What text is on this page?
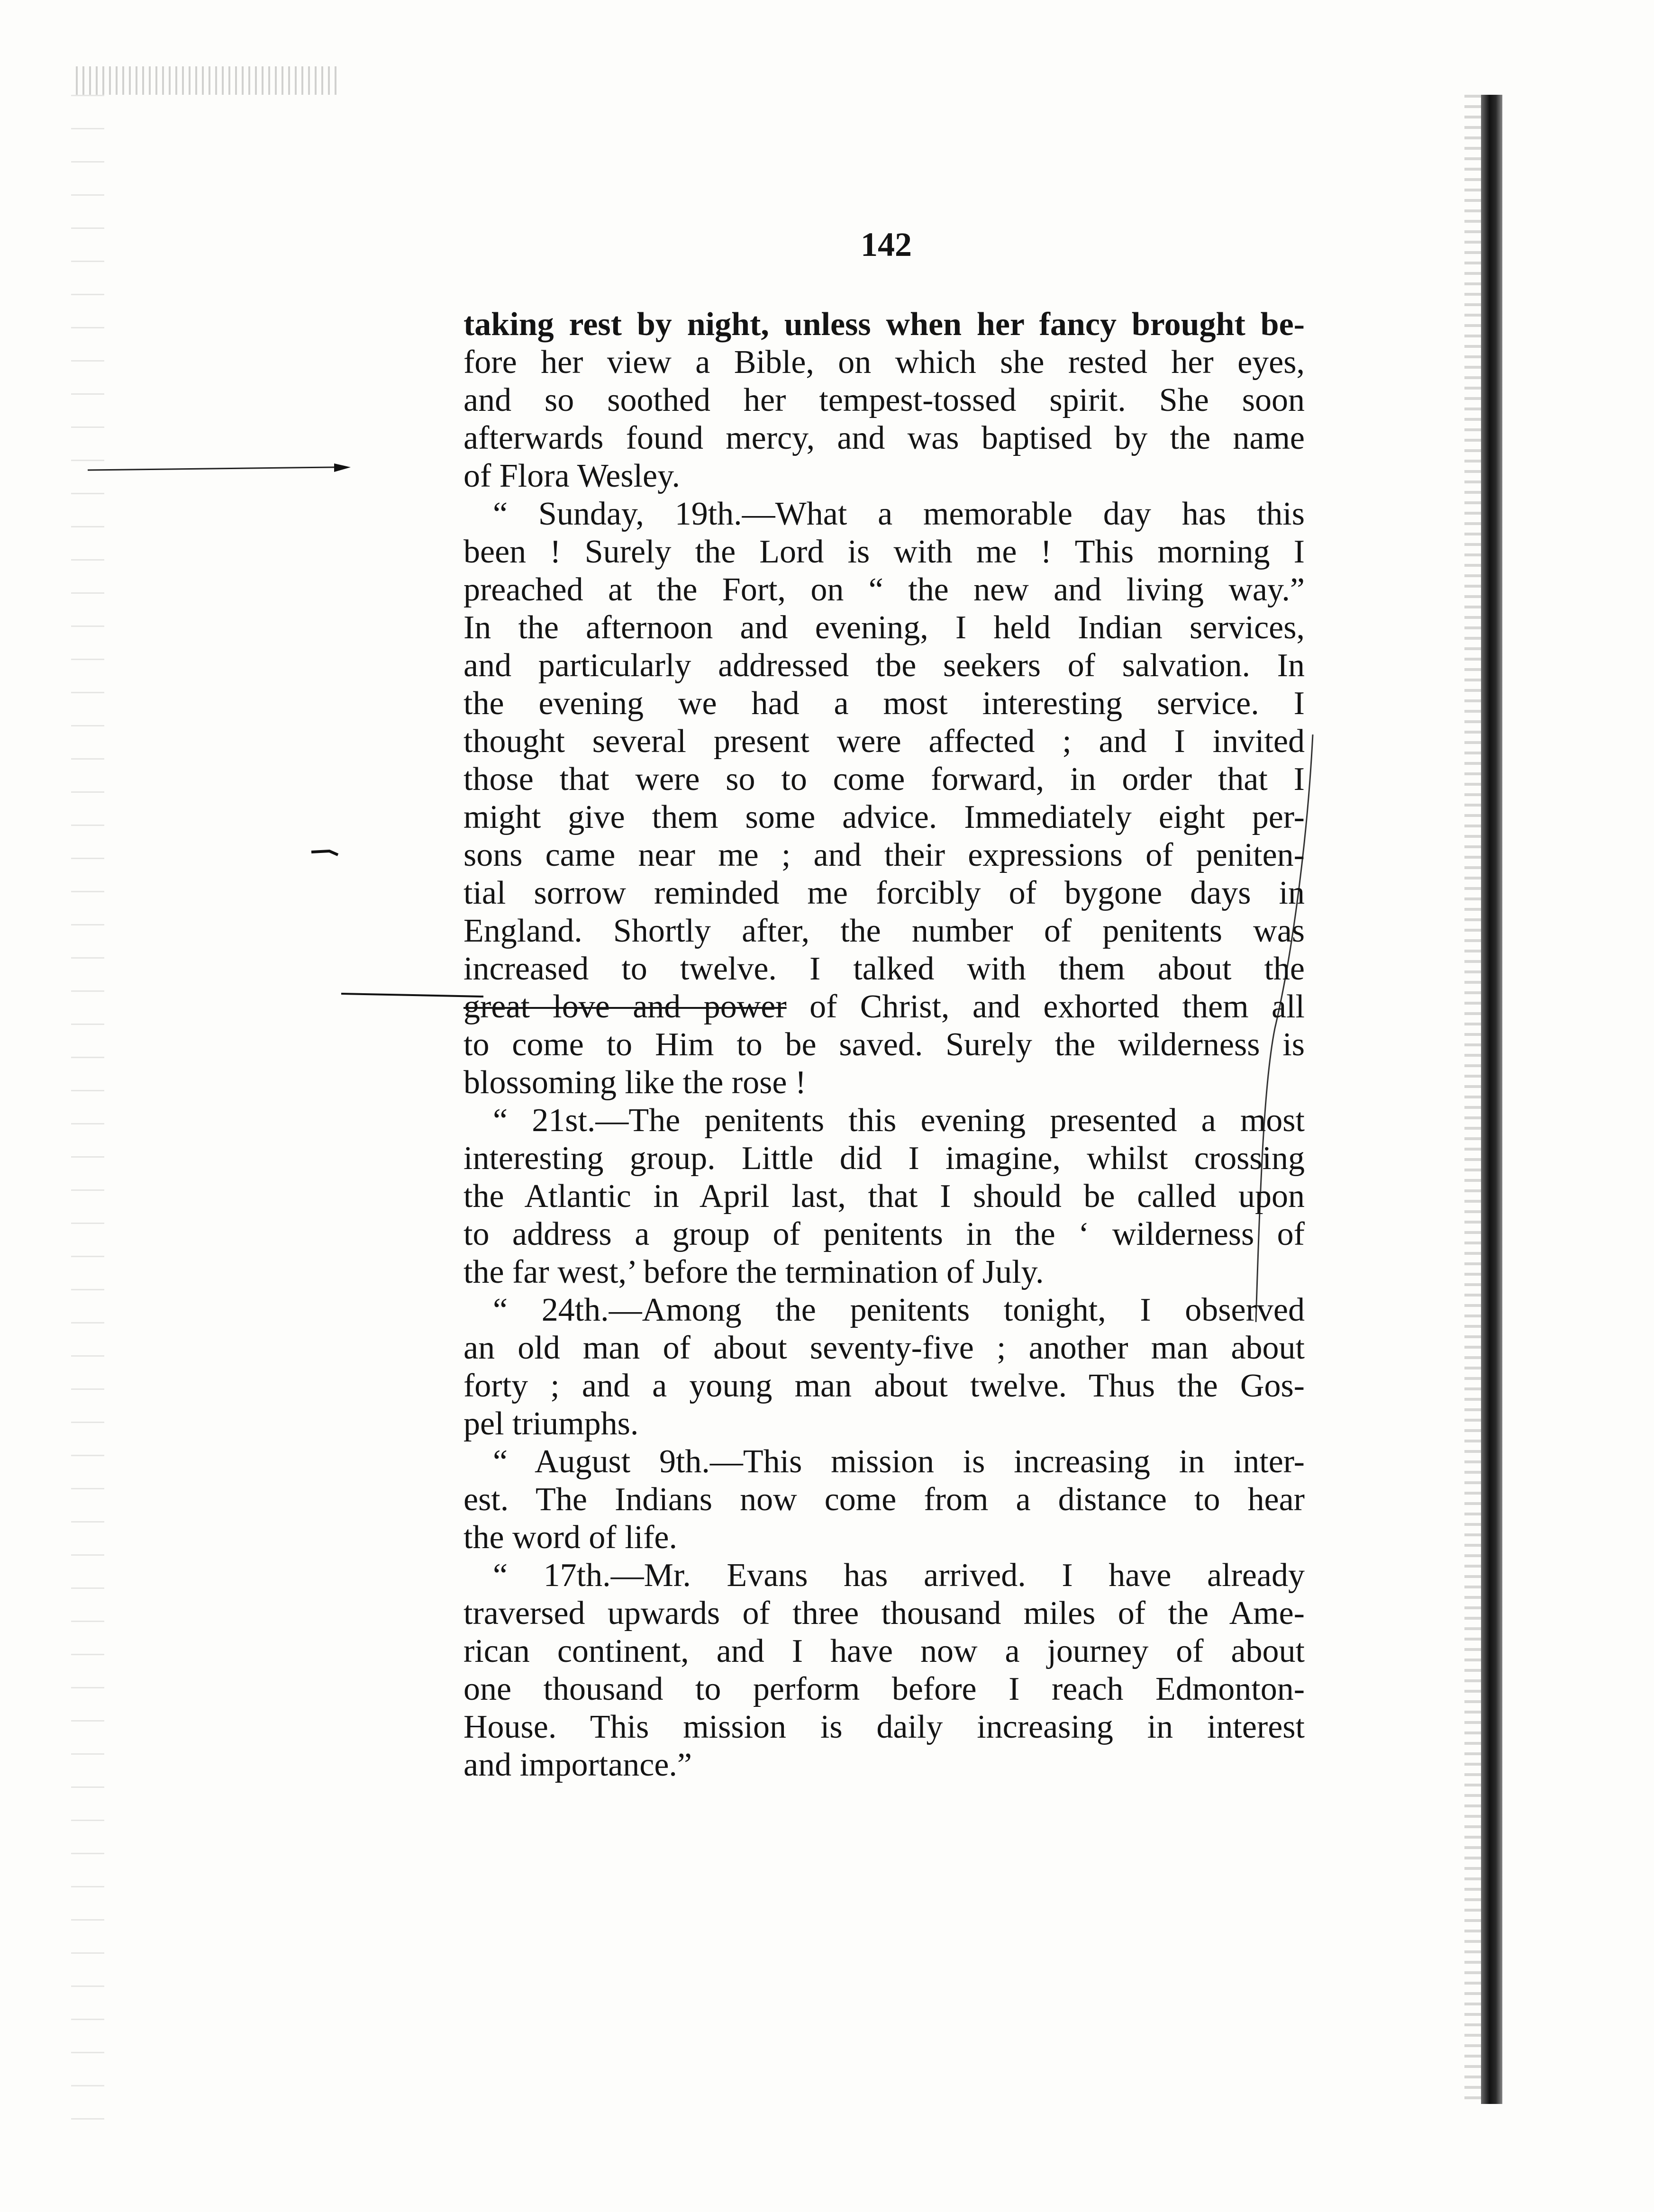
142
taking rest by night, unless when her fancy brought be-
fore her view a Bible, on which she rested her eyes,
and so soothed her tempest-tossed spirit. She soon
afterwards found mercy, and was baptised by the name
of Flora Wesley.
“ Sunday, 19th.—What a memorable day has this
been ! Surely the Lord is with me ! This morning I
preached at the Fort, on “ the new and living way.”
In the afternoon and evening, I held Indian services,
and particularly addressed tbe seekers of salvation. In
the evening we had a most interesting service. I
thought several present were affected ; and I invited
those that were so to come forward, in order that I
might give them some advice. Immediately eight per-
sons came near me ; and their expressions of peniten-
tial sorrow reminded me forcibly of bygone days in
England. Shortly after, the number of penitents was
increased to twelve. I talked with them about the
great love and power of Christ, and exhorted them all
to come to Him to be saved. Surely the wilderness is
blossoming like the rose !
“ 21st.—The penitents this evening presented a most
interesting group. Little did I imagine, whilst crossing
the Atlantic in April last, that I should be called upon
to address a group of penitents in the ‘ wilderness of
the far west,’ before the termination of July.
“ 24th.—Among the penitents tonight, I observed
an old man of about seventy-five ; another man about
forty ; and a young man about twelve. Thus the Gos-
pel triumphs.
“ August 9th.—This mission is increasing in inter-
est. The Indians now come from a distance to hear
the word of life.
“ 17th.—Mr. Evans has arrived. I have already
traversed upwards of three thousand miles of the Ame-
rican continent, and I have now a journey of about
one thousand to perform before I reach Edmonton-
House. This mission is daily increasing in interest
and importance.”
